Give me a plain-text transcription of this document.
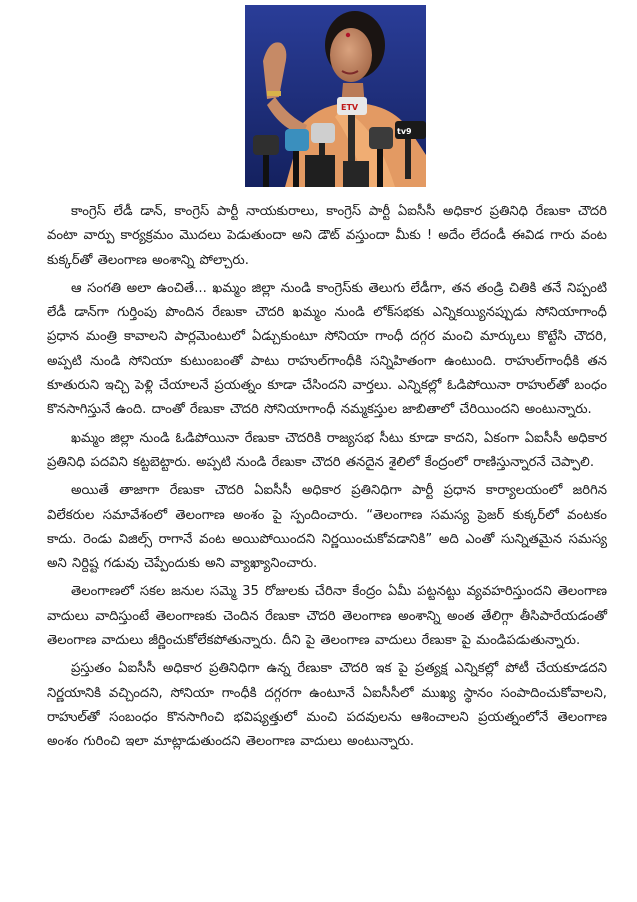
ETV
tv9

కాంగ్రెస్ లేడీ డాన్, కాంగ్రెస్ పార్టీ నాయకురాలు, కాంగ్రెస్ పార్టీ ఏఐసీసీ అధికార ప్రతినిధి రేణుకా చౌదరి వంటా వార్పు కార్యక్రమం మొదలు పెడుతుందా అని డౌట్ వస్తుందా మీకు ! అదేం లేదండీ ఈవిడ గారు వంట కుక్కర్‌తో తెలంగాణ అంశాన్ని పోల్చారు.

ఆ సంగతి అలా ఉంచితే... ఖమ్మం జిల్లా నుండి కాంగ్రెస్‌కు తెలుగు లేడీగా, తన తండ్రి చితికి తనే నిప్పంటి లేడీ డాన్‌గా గుర్తింపు పొందిన రేణుకా చౌదరి ఖమ్మం నుండి లోక్‌సభకు ఎన్నికయ్యినప్పుడు సోనియాగాంధీ ప్రధాన మంత్రి కావాలని పార్లమెంటులో ఏడ్చుకుంటూ సోనియా గాంధీ దగ్గర మంచి మార్కులు కొట్టేసి చౌదరి, అప్పటి నుండి సోనియా కుటుంబంతో పాటు రాహుల్‌గాంధీకి సన్నిహితంగా ఉంటుంది. రాహుల్‌గాంధీకి తన కూతురుని ఇచ్చి పెళ్లి చేయాలనే ప్రయత్నం కూడా చేసిందని వార్తలు. ఎన్నికల్లో ఓడిపోయినా రాహుల్‌తో బంధం కొనసాగిస్తునే ఉంది. దాంతో రేణుకా చౌదరి సోనియాగాంధీ నమ్మకస్తుల జాబితాలో చేరియిందని అంటున్నారు.

ఖమ్మం జిల్లా నుండి ఓడిపోయినా రేణుకా చౌదరికి రాజ్యసభ సీటు కూడా కాదని, ఏకంగా ఏఐసీసీ అధికార ప్రతినిధి పదవిని కట్టబెట్టారు. అప్పటి నుండి రేణుకా చౌదరి తనదైన శైలిలో కేంద్రంలో రాణిస్తున్నారనే చెప్పాలి.

అయితే తాజాగా రేణుకా చౌదరి ఏఐసీసీ అధికార ప్రతినిధిగా పార్టీ ప్రధాన కార్యాలయంలో జరిగిన విలేకరుల సమావేశంలో తెలంగాణ అంశం పై స్పందించారు. “తెలంగాణ సమస్య ప్రెజర్ కుక్కర్‌లో వంటకం కాదు. రెండు విజిల్స్ రాగానే వంట అయిపోయిందని నిర్ణయించుకోవడానికి” అది ఎంతో సున్నితమైన సమస్య అని నిర్దిష్ట గడువు చెప్పేందుకు అని వ్యాఖ్యానించారు.

తెలంగాణలో సకల జనుల సమ్మె 35 రోజులకు చేరినా కేంద్రం ఏమీ పట్టనట్టు వ్యవహరిస్తుందని తెలంగాణ వాదులు వాదిస్తుంటే తెలంగాణకు చెందిన రేణుకా చౌదరి తెలంగాణ అంశాన్ని అంత తేలిగ్గా తీసిపారేయడంతో తెలంగాణ వాదులు జీర్ణించుకోలేకపోతున్నారు. దీని పై తెలంగాణ వాదులు రేణుకా పై మండిపడుతున్నారు.

ప్రస్తుతం ఏఐసీసీ అధికార ప్రతినిధిగా ఉన్న రేణుకా చౌదరి ఇక పై ప్రత్యక్ష ఎన్నికల్లో పోటీ చేయకూడదని నిర్ణయానికి వచ్చిందని, సోనియా గాంధీకి దగ్గరగా ఉంటూనే ఏఐసీసీలో ముఖ్య స్థానం సంపాదించుకోవాలని, రాహుల్‌తో సంబంధం కొనసాగించి భవిష్యత్తులో మంచి పదవులను ఆశించాలని ప్రయత్నంలోనే తెలంగాణ అంశం గురించి ఇలా మాట్లాడుతుందని తెలంగాణ వాదులు అంటున్నారు.
